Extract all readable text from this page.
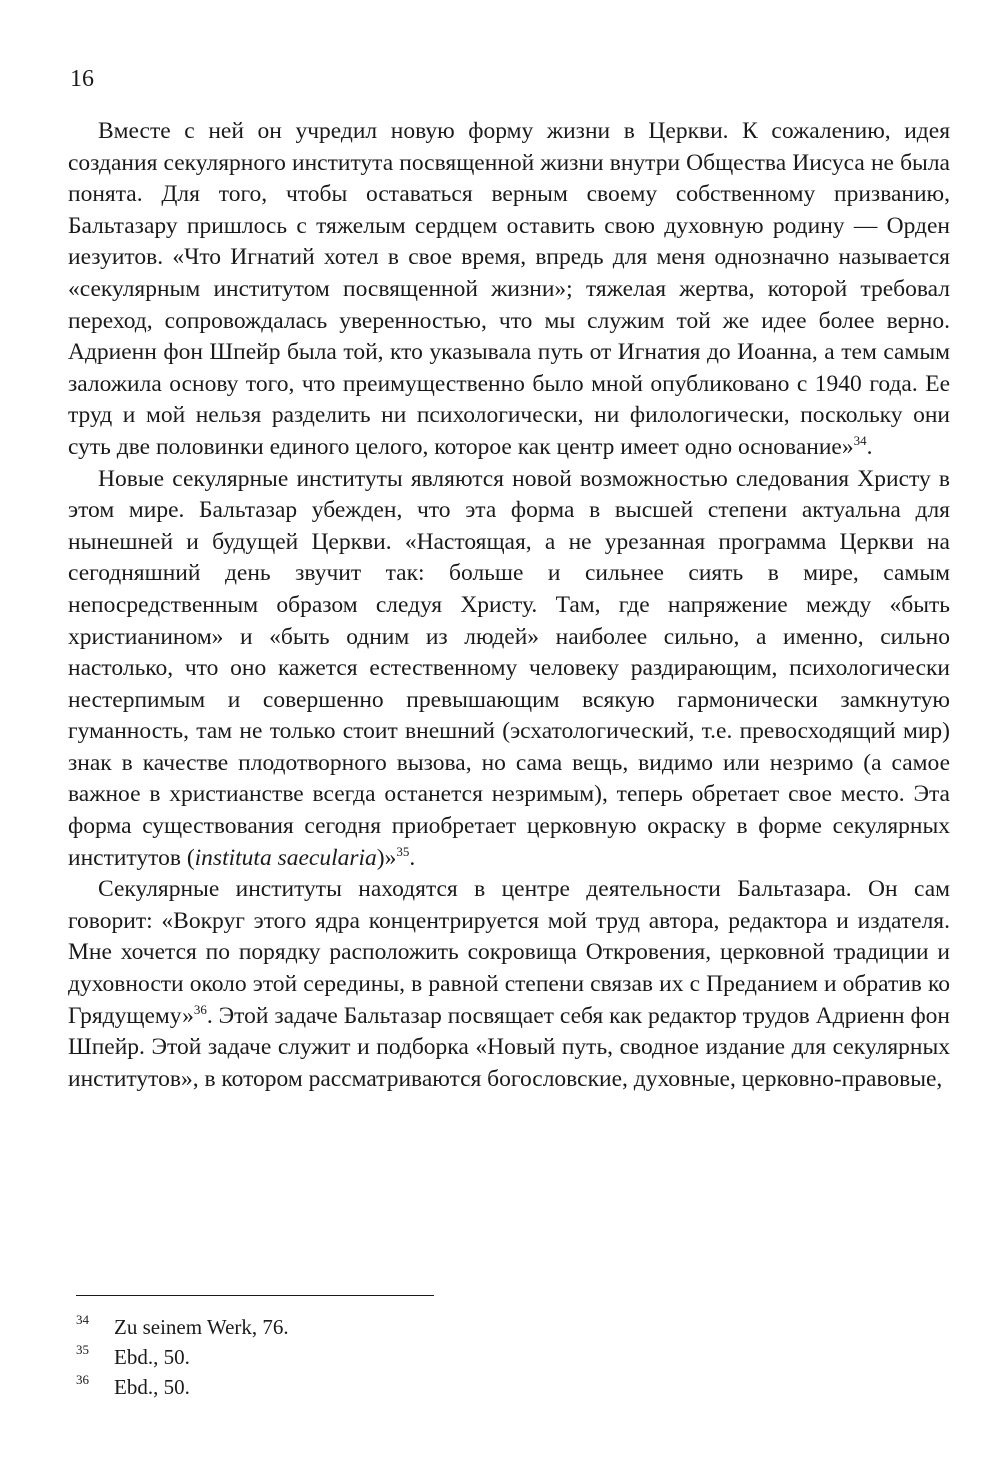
16

Вместе с ней он учредил новую форму жизни в Церкви. К сожалению, идея создания секулярного института посвященной жизни внутри Общества Иисуса не была понята. Для того, чтобы оставаться верным своему собственному призванию, Бальтазару пришлось с тяжелым сердцем оставить свою духовную родину — Орден иезуитов. «Что Игнатий хотел в свое время, впредь для меня однозначно называется «секулярным институтом посвященной жизни»; тяжелая жертва, которой требовал переход, сопровождалась уверенностью, что мы служим той же идее более верно. Адриенн фон Шпейр была той, кто указывала путь от Игнатия до Иоанна, а тем самым заложила основу того, что преимущественно было мной опубликовано с 1940 года. Ее труд и мой нельзя разделить ни психологически, ни филологически, поскольку они суть две половинки единого целого, которое как центр имеет одно основание»$^{34}$.

Новые секулярные институты являются новой возможностью следования Христу в этом мире. Бальтазар убежден, что эта форма в высшей степени актуальна для нынешней и будущей Церкви. «Настоящая, а не урезанная программа Церкви на сегодняшний день звучит так: больше и сильнее сиять в мире, самым непосредственным образом следуя Христу. Там, где напряжение между «быть христианином» и «быть одним из людей» наиболее сильно, а именно, сильно настолько, что оно кажется естественному человеку раздирающим, психологически нестерпимым и совершенно превышающим всякую гармонически замкнутую гуманность, там не только стоит внешний (эсхатологический, т.е. превосходящий мир) знак в качестве плодотворного вызова, но сама вещь, видимо или незримо (а самое важное в христианстве всегда останется незримым), теперь обретает свое место. Эта форма существования сегодня приобретает церковную окраску в форме секулярных институтов (instituta saecularia)»$^{35}$.

Секулярные институты находятся в центре деятельности Бальтазара. Он сам говорит: «Вокруг этого ядра концентрируется мой труд автора, редактора и издателя. Мне хочется по порядку расположить сокровища Откровения, церковной традиции и духовности около этой середины, в равной степени связав их с Преданием и обратив ко Грядущему»$^{36}$. Этой задаче Бальтазар посвящает себя как редактор трудов Адриенн фон Шпейр. Этой задаче служит и подборка «Новый путь, сводное издание для секулярных институтов», в котором рассматриваются богословские, духовные, церковно-правовые,

34 Zu seinem Werk, 76.
35 Ebd., 50.
36 Ebd., 50.
